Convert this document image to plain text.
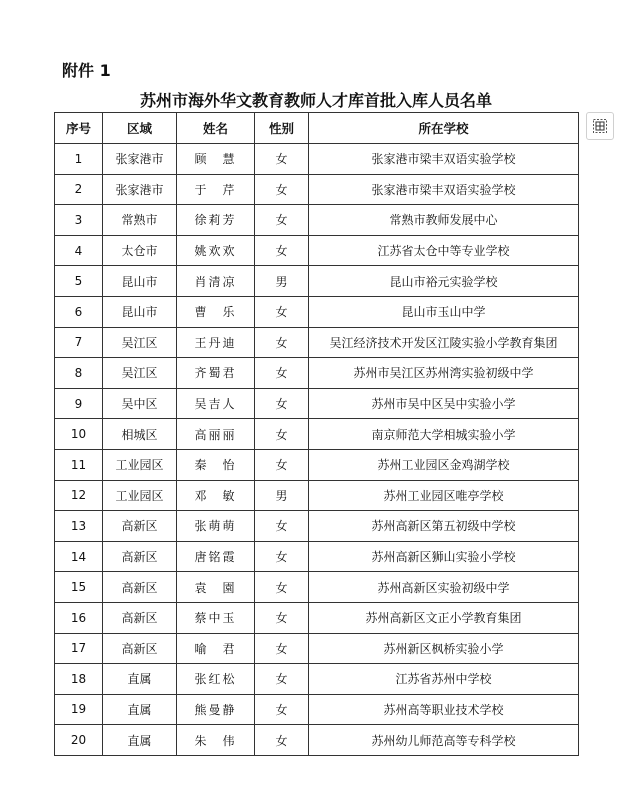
附件 1
苏州市海外华文教育教师人才库首批入库人员名单
序号	区域	姓名	性别	所在学校
1	张家港市	顾　慧	女	张家港市梁丰双语实验学校
2	张家港市	于　芹	女	张家港市梁丰双语实验学校
3	常熟市	徐莉芳	女	常熟市教师发展中心
4	太仓市	姚欢欢	女	江苏省太仓中等专业学校
5	昆山市	肖清凉	男	昆山市裕元实验学校
6	昆山市	曹　乐	女	昆山市玉山中学
7	吴江区	王丹迪	女	吴江经济技术开发区江陵实验小学教育集团
8	吴江区	齐蜀君	女	苏州市吴江区苏州湾实验初级中学
9	吴中区	吴吉人	女	苏州市吴中区吴中实验小学
10	相城区	高丽丽	女	南京师范大学相城实验小学
11	工业园区	秦　怡	女	苏州工业园区金鸡湖学校
12	工业园区	邓　敏	男	苏州工业园区唯亭学校
13	高新区	张萌萌	女	苏州高新区第五初级中学校
14	高新区	唐铭霞	女	苏州高新区狮山实验小学校
15	高新区	袁　園	女	苏州高新区实验初级中学
16	高新区	蔡中玉	女	苏州高新区文正小学教育集团
17	高新区	喻　君	女	苏州新区枫桥实验小学
18	直属	张红松	女	江苏省苏州中学校
19	直属	熊曼静	女	苏州高等职业技术学校
20	直属	朱　伟	女	苏州幼儿师范高等专科学校
